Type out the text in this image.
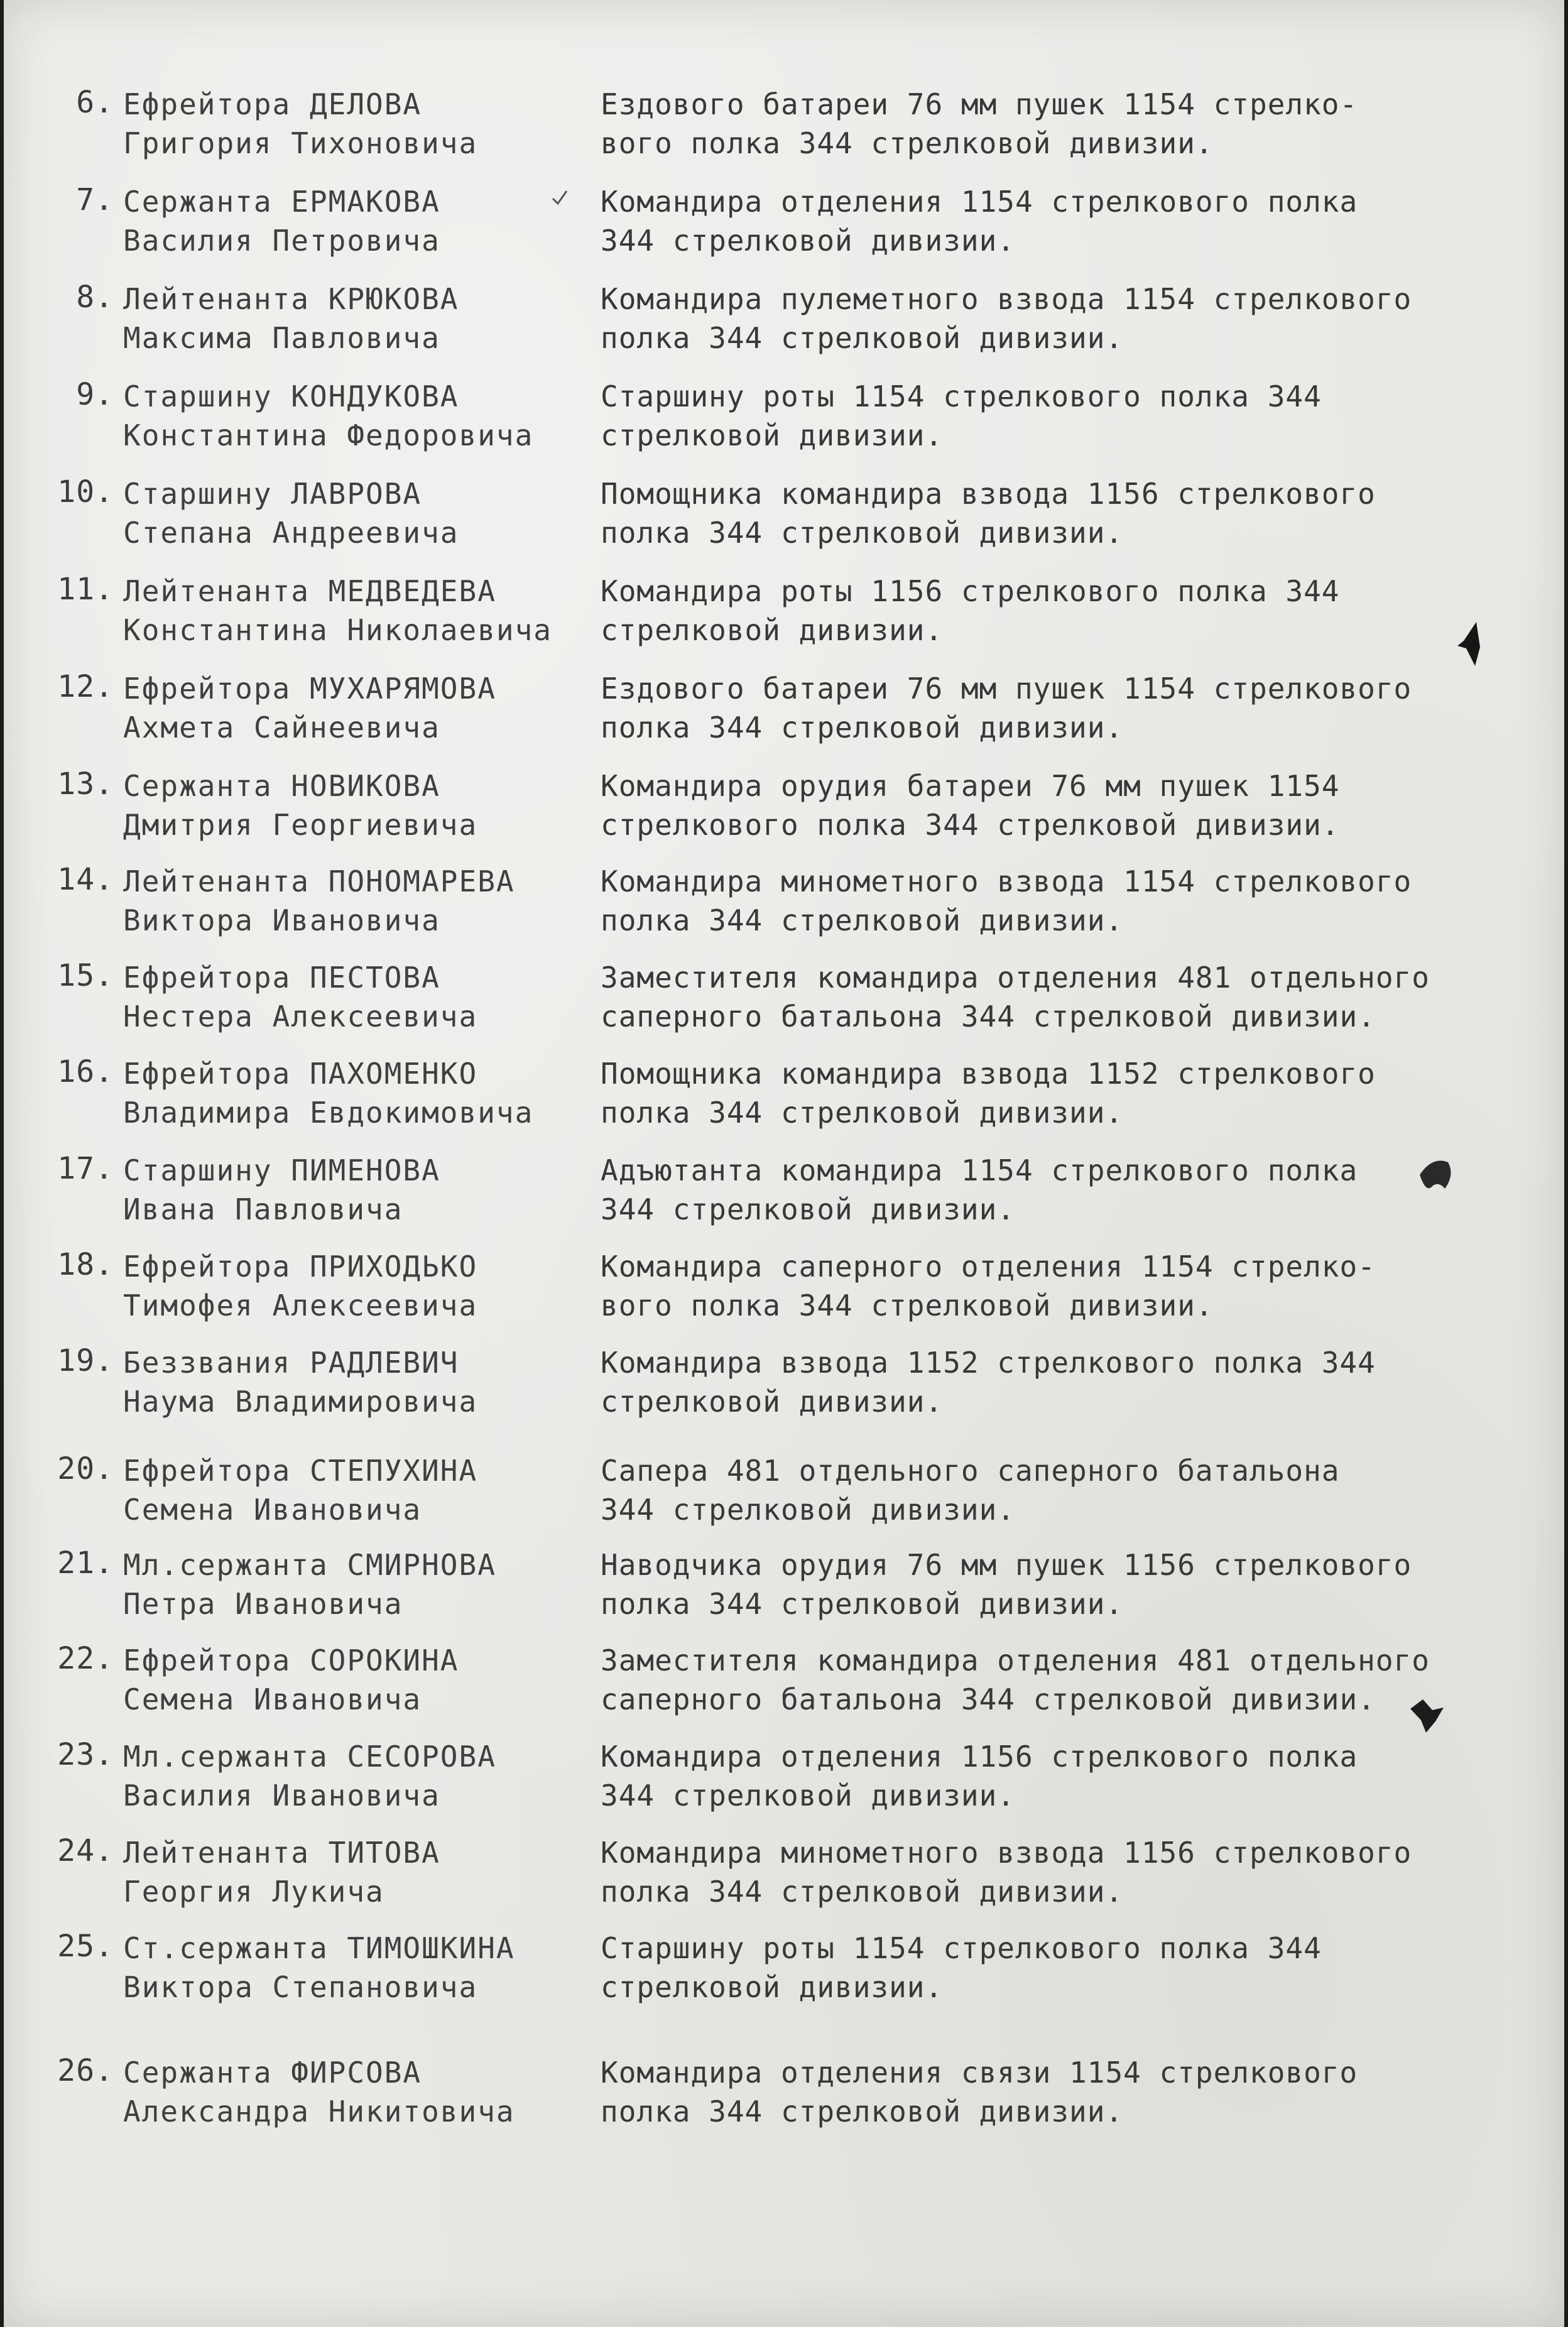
6. Ефрейтора ДЕЛОВА
Григория Тихоновича
Ездового батареи 76 мм пушек 1154 стрелко-
вого полка 344 стрелковой дивизии.
7. Сержанта ЕРМАКОВА
Василия Петровича
Командира отделения 1154 стрелкового полка
344 стрелковой дивизии.
8. Лейтенанта КРЮКОВА
Максима Павловича
Командира пулеметного взвода 1154 стрелкового
полка 344 стрелковой дивизии.
9. Старшину КОНДУКОВА
Константина Федоровича
Старшину роты 1154 стрелкового полка 344
стрелковой дивизии.
10. Старшину ЛАВРОВА
Степана Андреевича
Помощника командира взвода 1156 стрелкового
полка 344 стрелковой дивизии.
11. Лейтенанта МЕДВЕДЕВА
Константина Николаевича
Командира роты 1156 стрелкового полка 344
стрелковой дивизии.
12. Ефрейтора МУХАРЯМОВА
Ахмета Сайнеевича
Ездового батареи 76 мм пушек 1154 стрелкового
полка 344 стрелковой дивизии.
13. Сержанта НОВИКОВА
Дмитрия Георгиевича
Командира орудия батареи 76 мм пушек 1154
стрелкового полка 344 стрелковой дивизии.
14. Лейтенанта ПОНОМАРЕВА
Виктора Ивановича
Командира минометного взвода 1154 стрелкового
полка 344 стрелковой дивизии.
15. Ефрейтора ПЕСТОВА
Нестера Алексеевича
Заместителя командира отделения 481 отдельного
саперного батальона 344 стрелковой дивизии.
16. Ефрейтора ПАХОМЕНКО
Владимира Евдокимовича
Помощника командира взвода 1152 стрелкового
полка 344 стрелковой дивизии.
17. Старшину ПИМЕНОВА
Ивана Павловича
Адъютанта командира 1154 стрелкового полка
344 стрелковой дивизии.
18. Ефрейтора ПРИХОДЬКО
Тимофея Алексеевича
Командира саперного отделения 1154 стрелко-
вого полка 344 стрелковой дивизии.
19. Беззвания РАДЛЕВИЧ
Наума Владимировича
Командира взвода 1152 стрелкового полка 344
стрелковой дивизии.
20. Ефрейтора СТЕПУХИНА
Семена Ивановича
Сапера 481 отдельного саперного батальона
344 стрелковой дивизии.
21. Мл.сержанта СМИРНОВА
Петра Ивановича
Наводчика орудия 76 мм пушек 1156 стрелкового
полка 344 стрелковой дивизии.
22. Ефрейтора СОРОКИНА
Семена Ивановича
Заместителя командира отделения 481 отдельного
саперного батальона 344 стрелковой дивизии.
23. Мл.сержанта СЕСОРОВА
Василия Ивановича
Командира отделения 1156 стрелкового полка
344 стрелковой дивизии.
24. Лейтенанта ТИТОВА
Георгия Лукича
Командира минометного взвода 1156 стрелкового
полка 344 стрелковой дивизии.
25. Ст.сержанта ТИМОШКИНА
Виктора Степановича
Старшину роты 1154 стрелкового полка 344
стрелковой дивизии.
26. Сержанта ФИРСОВА
Александра Никитовича
Командира отделения связи 1154 стрелкового
полка 344 стрелковой дивизии.
